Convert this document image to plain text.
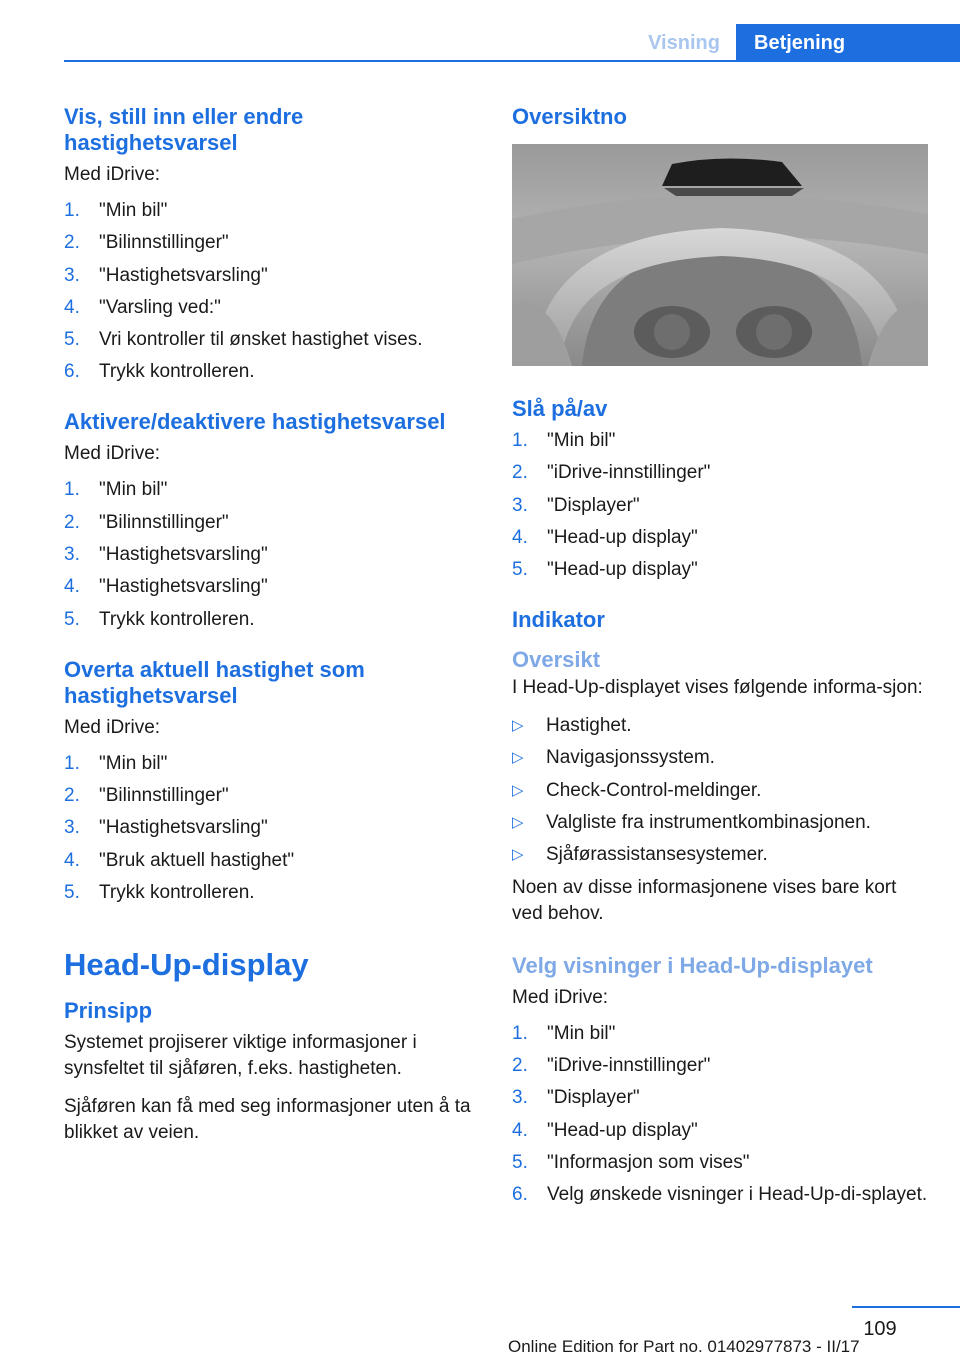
Visning	Betjening
Vis, still inn eller endre hastighetsvarsel
Med iDrive:
1. "Min bil"
2. "Bilinnstillinger"
3. "Hastighetsvarsling"
4. "Varsling ved:"
5. Vri kontroller til ønsket hastighet vises.
6. Trykk kontrolleren.
Aktivere/deaktivere hastighetsvarsel
Med iDrive:
1. "Min bil"
2. "Bilinnstillinger"
3. "Hastighetsvarsling"
4. "Hastighetsvarsling"
5. Trykk kontrolleren.
Overta aktuell hastighet som hastighetsvarsel
Med iDrive:
1. "Min bil"
2. "Bilinnstillinger"
3. "Hastighetsvarsling"
4. "Bruk aktuell hastighet"
5. Trykk kontrolleren.
Head-Up-display
Prinsipp
Systemet projiserer viktige informasjoner i synsfeltet til sjåføren, f.eks. hastigheten.
Sjåføren kan få med seg informasjoner uten å ta blikket av veien.
Oversiktno
Slå på/av
1. "Min bil"
2. "iDrive-innstillinger"
3. "Displayer"
4. "Head-up display"
5. "Head-up display"
Indikator
Oversikt
I Head-Up-displayet vises følgende informa‐sjon:
▷ Hastighet.
▷ Navigasjonssystem.
▷ Check-Control-meldinger.
▷ Valgliste fra instrumentkombinasjonen.
▷ Sjåførassistansesystemer.
Noen av disse informasjonene vises bare kort ved behov.
Velg visninger i Head-Up-displayet
Med iDrive:
1. "Min bil"
2. "iDrive-innstillinger"
3. "Displayer"
4. "Head-up display"
5. "Informasjon som vises"
6. Velg ønskede visninger i Head-Up-di‐splayet.
109
Online Edition for Part no. 01402977873 - II/17
